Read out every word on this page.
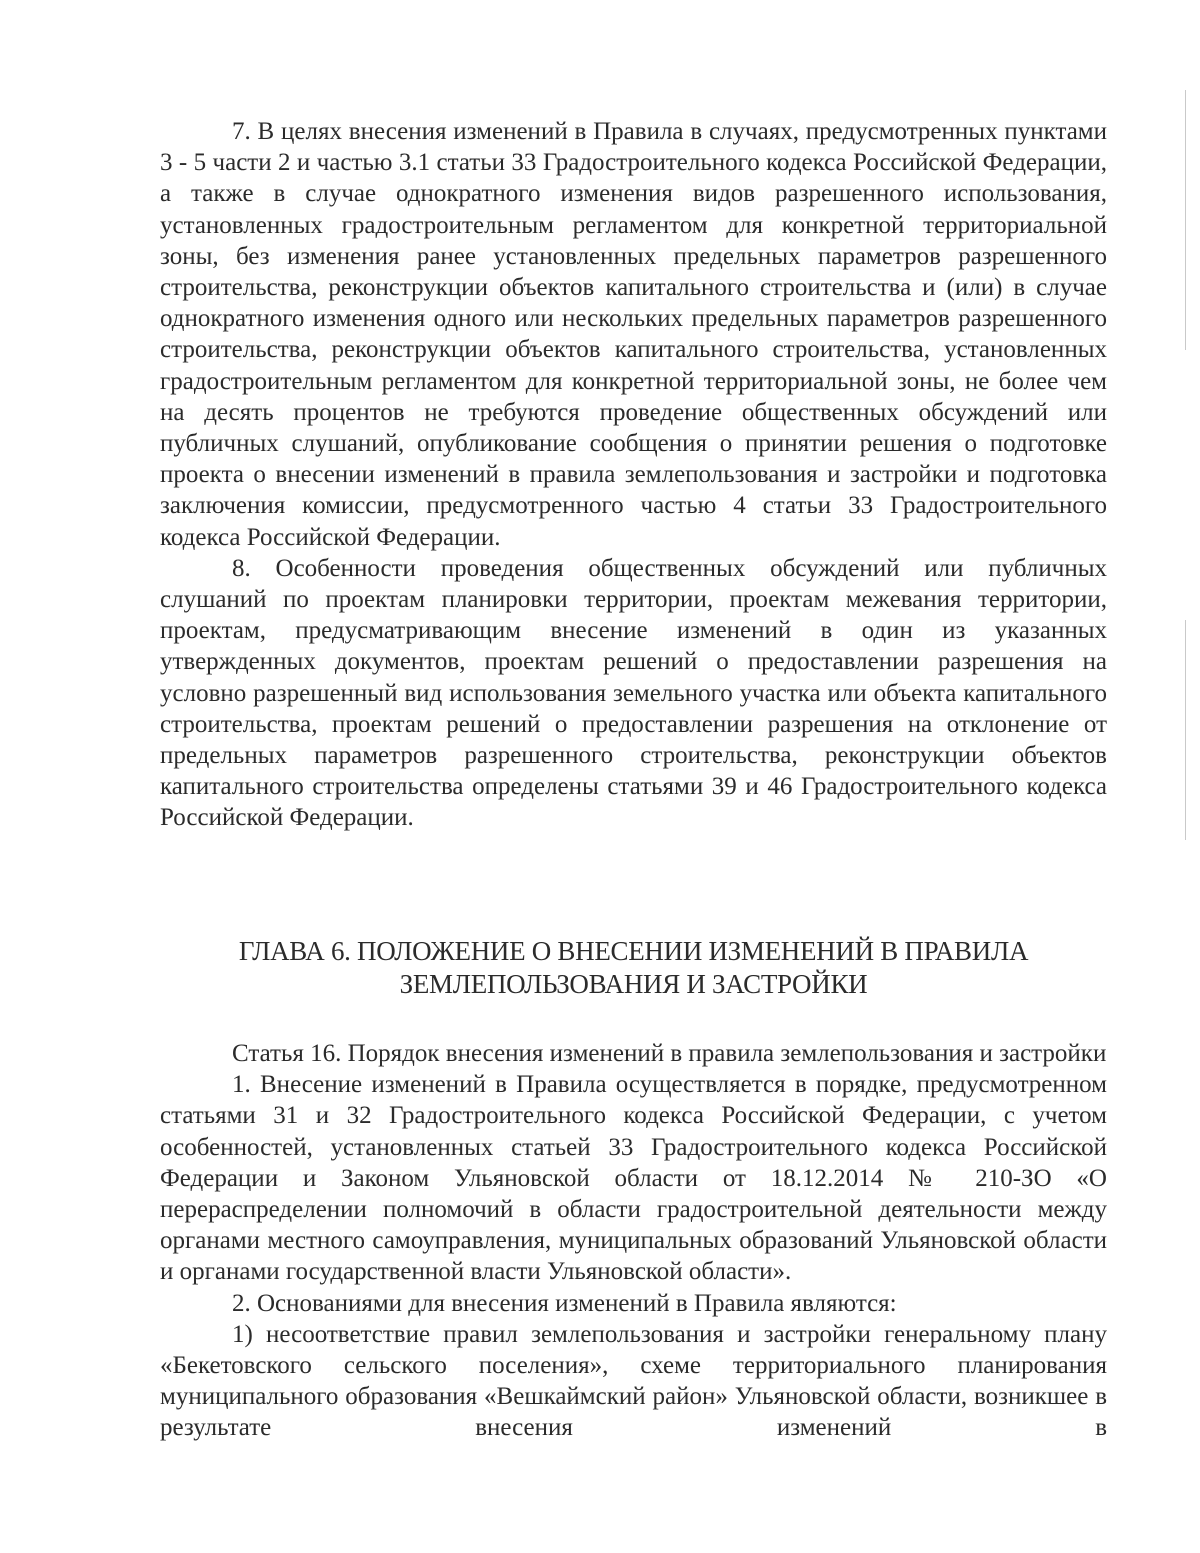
7. В целях внесения изменений в Правила в случаях, предусмотренных пунктами 3 - 5 части 2 и частью 3.1 статьи 33 Градостроительного кодекса Российской Федерации, а также в случае однократного изменения видов разрешенного использования, установленных градостроительным регламентом для конкретной территориальной зоны, без изменения ранее установленных предельных параметров разрешенного строительства, реконструкции объектов капитального строительства и (или) в случае однократного изменения одного или нескольких предельных параметров разрешенного строительства, реконструкции объектов капитального строительства, установленных градостроительным регламентом для конкретной территориальной зоны, не более чем на десять процентов не требуются проведение общественных обсуждений или публичных слушаний, опубликование сообщения о принятии решения о подготовке проекта о внесении изменений в правила землепользования и застройки и подготовка заключения комиссии, предусмотренного частью 4 статьи 33 Градостроительного кодекса Российской Федерации.

8. Особенности проведения общественных обсуждений или публичных слушаний по проектам планировки территории, проектам межевания территории, проектам, предусматривающим внесение изменений в один из указанных утвержденных документов, проектам решений о предоставлении разрешения на условно разрешенный вид использования земельного участка или объекта капитального строительства, проектам решений о предоставлении разрешения на отклонение от предельных параметров разрешенного строительства, реконструкции объектов капитального строительства определены статьями 39 и 46 Градостроительного кодекса Российской Федерации.

ГЛАВА 6. ПОЛОЖЕНИЕ О ВНЕСЕНИИ ИЗМЕНЕНИЙ В ПРАВИЛА

ЗЕМЛЕПОЛЬЗОВАНИЯ И ЗАСТРОЙКИ

Статья 16. Порядок внесения изменений в правила землепользования и застройки

1. Внесение изменений в Правила осуществляется в порядке, предусмотренном статьями 31 и 32 Градостроительного кодекса Российской Федерации, с учетом особенностей, установленных статьей 33 Градостроительного кодекса Российской Федерации и Законом Ульяновской области от 18.12.2014 № 210-ЗО «О перераспределении полномочий в области градостроительной деятельности между органами местного самоуправления, муниципальных образований Ульяновской области и органами государственной власти Ульяновской области».

2. Основаниями для внесения изменений в Правила являются:

1) несоответствие правил землепользования и застройки генеральному плану «Бекетовского сельского поселения», схеме территориального планирования муниципального образования «Вешкаймский район» Ульяновской области, возникшее в результате внесения изменений в
